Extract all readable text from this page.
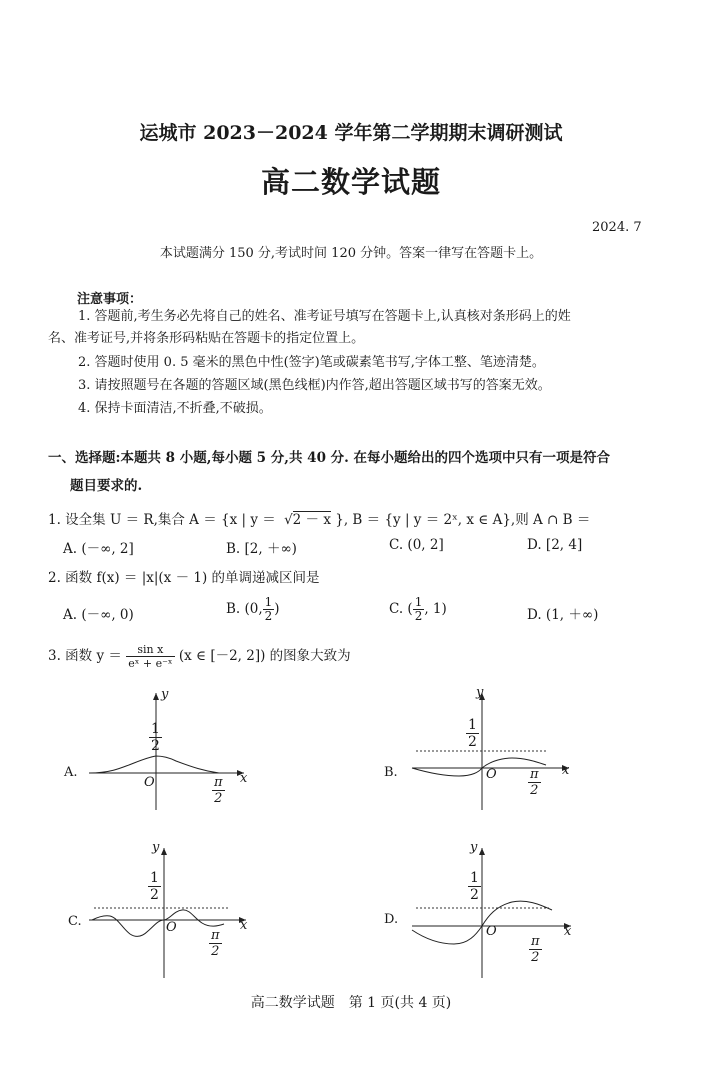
运城市 2023－2024 学年第二学期期末调研测试
高二数学试题
2024. 7
本试题满分 150 分,考试时间 120 分钟。答案一律写在答题卡上。
注意事项：
1. 答题前,考生务必先将自己的姓名、准考证号填写在答题卡上,认真核对条形码上的姓
名、准考证号,并将条形码粘贴在答题卡的指定位置上。
2. 答题时使用 0. 5 毫米的黑色中性(签字)笔或碳素笔书写,字体工整、笔迹清楚。
3. 请按照题号在各题的答题区域(黑色线框)内作答,超出答题区域书写的答案无效。
4. 保持卡面清洁,不折叠,不破损。
一、选择题:本题共 8 小题,每小题 5 分,共 40 分. 在每小题给出的四个选项中只有一项是符合
题目要求的.
1. 设全集 U ＝ R,集合 A ＝ {x | y ＝ √2 － x }, B ＝ {y | y ＝ 2ˣ, x ∈ A},则 A ∩ B ＝
A. (－∞, 2]	B. [2, ＋∞)	C. (0, 2]	D. [2, 4]
2. 函数 f(x) ＝ |x|(x － 1) 的单调递减区间是
A. (－∞, 0)	B. (0, $\frac{1}{2}$ )	C. ( $\frac{1}{2}$ , 1)	D. (1, ＋∞)
3. 函数 $y = \frac{\text{sin x}}{\text{eˣ + e⁻ˣ}} (x$ ∈ [－2, 2]) 的图象大致为
A.
y
x
O
$\frac{1}{2}$
$\frac{\pi}{2}$
B.
y
x
O
$\frac{1}{2}$
$\frac{\pi}{2}$
C.
y
x
O
$\frac{1}{2}$
$\frac{\pi}{2}$
D.
y
x
O
$\frac{1}{2}$
$\frac{\pi}{2}$
高二数学试题　第 1 页(共 4 页)
